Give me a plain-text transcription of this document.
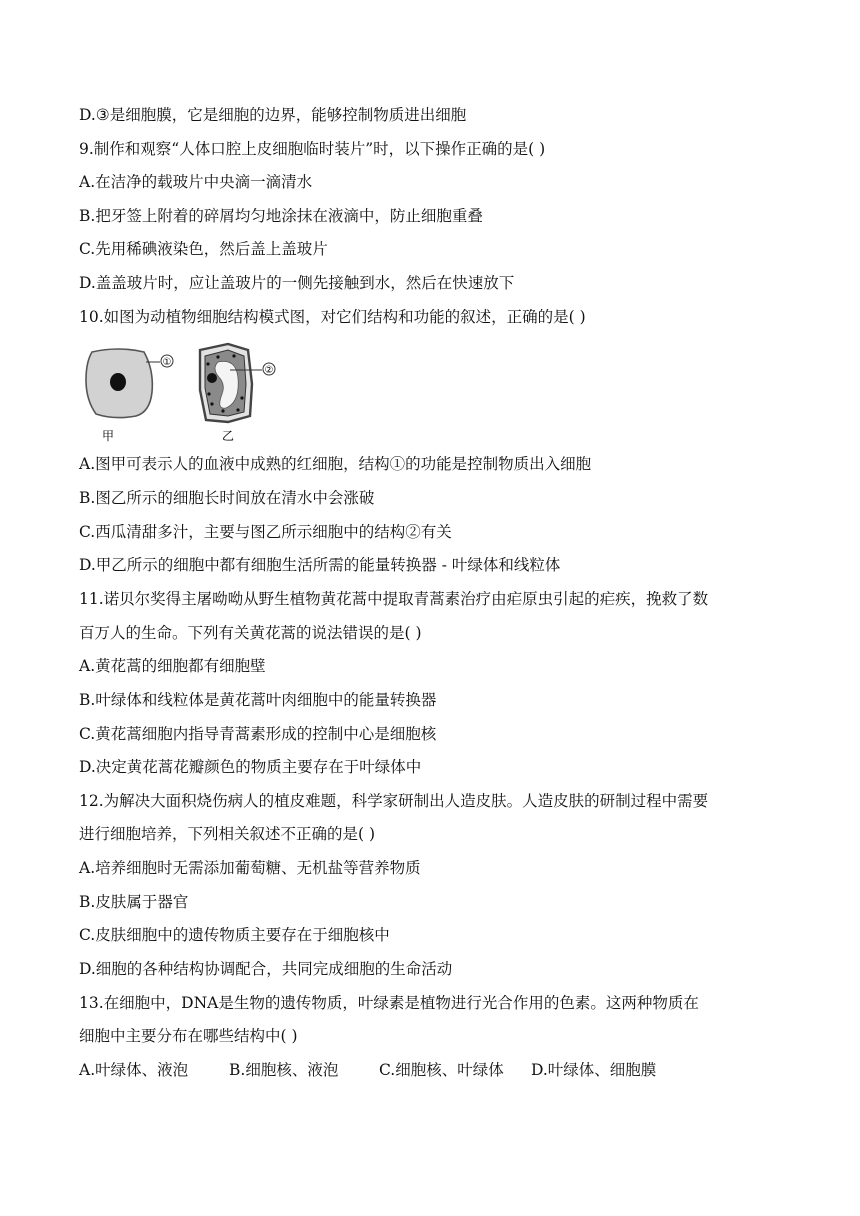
D.③是细胞膜，它是细胞的边界，能够控制物质进出细胞
9.制作和观察“人体口腔上皮细胞临时装片”时，以下操作正确的是( )
A.在洁净的载玻片中央滴一滴清水
B.把牙签上附着的碎屑均匀地涂抹在液滴中，防止细胞重叠
C.先用稀碘液染色，然后盖上盖玻片
D.盖盖玻片时，应让盖玻片的一侧先接触到水，然后在快速放下
10.如图为动植物细胞结构模式图，对它们结构和功能的叙述，正确的是( )
①
②
甲	乙
A.图甲可表示人的血液中成熟的红细胞，结构①的功能是控制物质出入细胞
B.图乙所示的细胞长时间放在清水中会涨破
C.西瓜清甜多汁，主要与图乙所示细胞中的结构②有关
D.甲乙所示的细胞中都有细胞生活所需的能量转换器 - 叶绿体和线粒体
11.诺贝尔奖得主屠呦呦从野生植物黄花蒿中提取青蒿素治疗由疟原虫引起的疟疾，挽救了数
百万人的生命。下列有关黄花蒿的说法错误的是( )
A.黄花蒿的细胞都有细胞壁
B.叶绿体和线粒体是黄花蒿叶肉细胞中的能量转换器
C.黄花蒿细胞内指导青蒿素形成的控制中心是细胞核
D.决定黄花蒿花瓣颜色的物质主要存在于叶绿体中
12.为解决大面积烧伤病人的植皮难题，科学家研制出人造皮肤。人造皮肤的研制过程中需要
进行细胞培养，下列相关叙述不正确的是( )
A.培养细胞时无需添加葡萄糖、无机盐等营养物质
B.皮肤属于器官
C.皮肤细胞中的遗传物质主要存在于细胞核中
D.细胞的各种结构协调配合，共同完成细胞的生命活动
13.在细胞中，DNA是生物的遗传物质，叶绿素是植物进行光合作用的色素。这两种物质在
细胞中主要分布在哪些结构中( )
A.叶绿体、液泡	B.细胞核、液泡	C.细胞核、叶绿体 D.叶绿体、细胞膜
